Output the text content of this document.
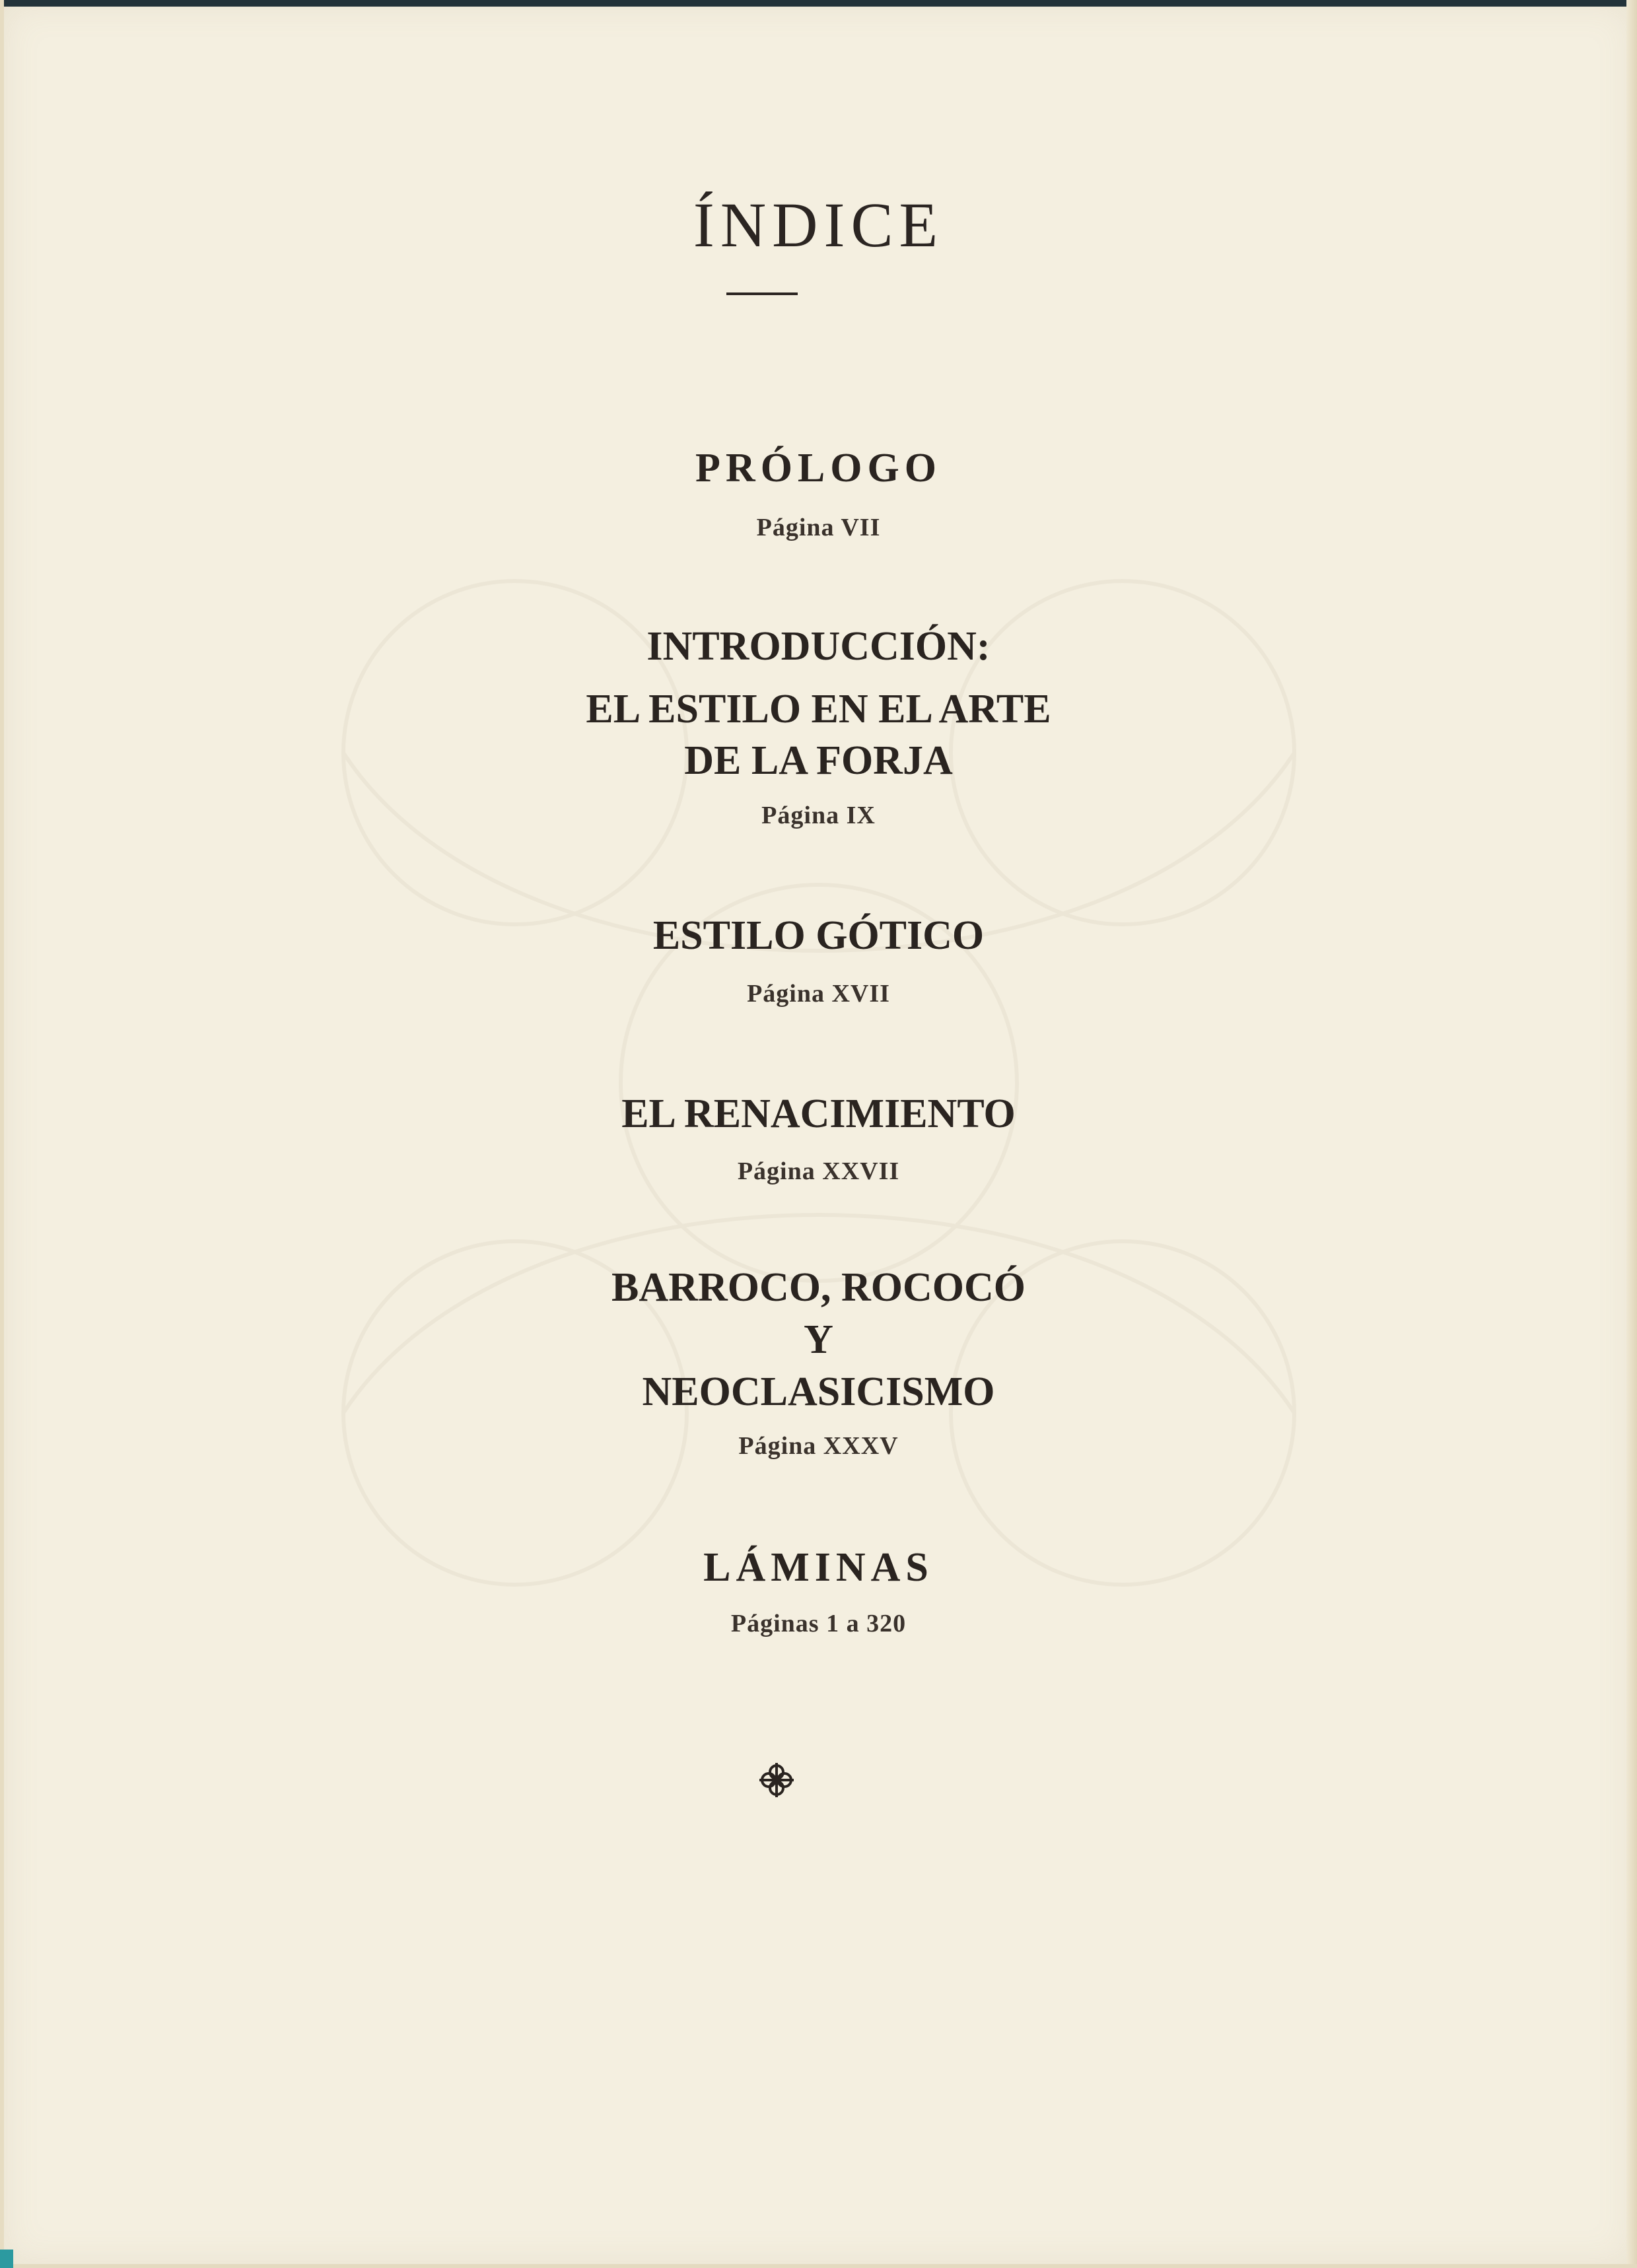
ÍNDICE
PRÓLOGO
Página VII
INTRODUCCIÓN:
EL ESTILO EN EL ARTE
DE LA FORJA
Página IX
ESTILO GÓTICO
Página XVII
EL RENACIMIENTO
Página XXVII
BARROCO, ROCOCÓ
Y
NEOCLASICISMO
Página XXXV
LÁMINAS
Páginas 1 a 320
